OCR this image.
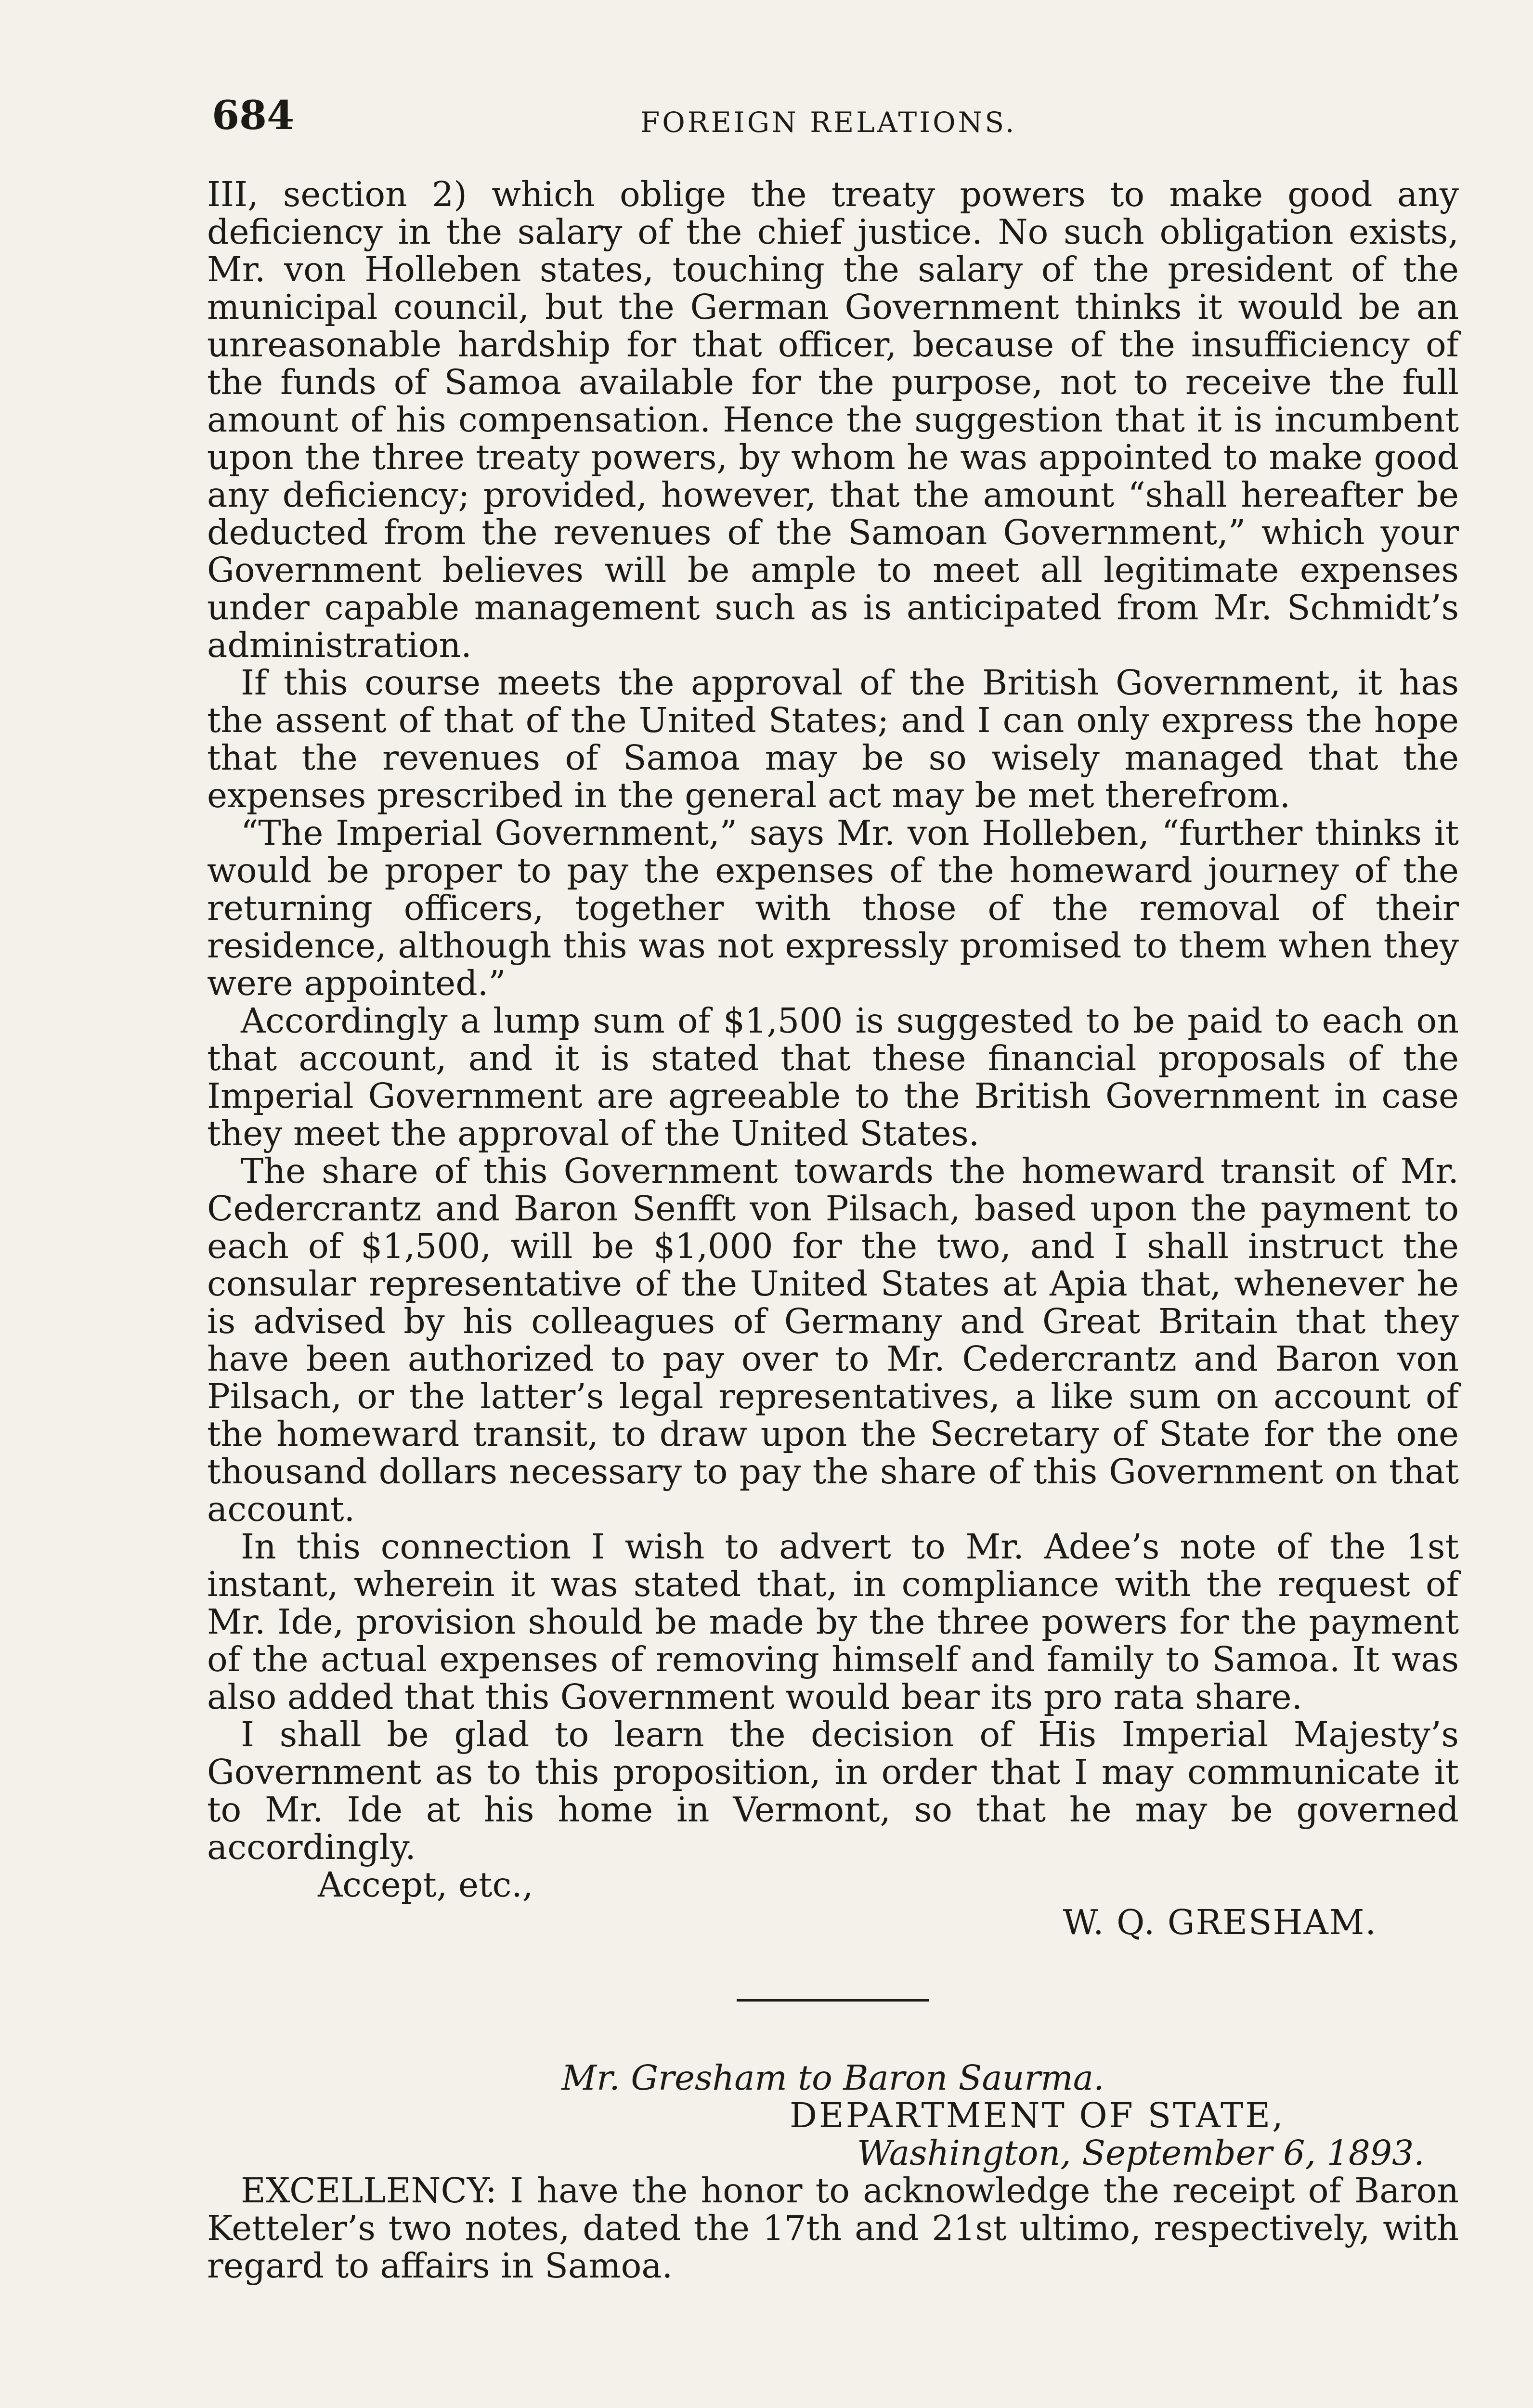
684	FOREIGN RELATIONS.

III, section 2) which oblige the treaty powers to make good any deficiency in the salary of the chief justice. No such obligation exists, Mr. von Holleben states, touching the salary of the president of the municipal council, but the German Government thinks it would be an unreasonable hardship for that officer, because of the insufficiency of the funds of Samoa available for the purpose, not to receive the full amount of his compensation. Hence the suggestion that it is incumbent upon the three treaty powers, by whom he was appointed to make good any deficiency; provided, however, that the amount “shall hereafter be deducted from the revenues of the Samoan Government,” which your Government believes will be ample to meet all legitimate expenses under capable management such as is anticipated from Mr. Schmidt’s administration.

If this course meets the approval of the British Government, it has the assent of that of the United States; and I can only express the hope that the revenues of Samoa may be so wisely managed that the expenses prescribed in the general act may be met therefrom.

“The Imperial Government,” says Mr. von Holleben, “further thinks it would be proper to pay the expenses of the homeward journey of the returning officers, together with those of the removal of their residence, although this was not expressly promised to them when they were appointed.”

Accordingly a lump sum of $1,500 is suggested to be paid to each on that account, and it is stated that these financial proposals of the Imperial Government are agreeable to the British Government in case they meet the approval of the United States.

The share of this Government towards the homeward transit of Mr. Cedercrantz and Baron Senfft von Pilsach, based upon the payment to each of $1,500, will be $1,000 for the two, and I shall instruct the consular representative of the United States at Apia that, whenever he is advised by his colleagues of Germany and Great Britain that they have been authorized to pay over to Mr. Cedercrantz and Baron von Pilsach, or the latter’s legal representatives, a like sum on account of the homeward transit, to draw upon the Secretary of State for the one thousand dollars necessary to pay the share of this Government on that account.

In this connection I wish to advert to Mr. Adee’s note of the 1st instant, wherein it was stated that, in compliance with the request of Mr. Ide, provision should be made by the three powers for the payment of the actual expenses of removing himself and family to Samoa. It was also added that this Government would bear its pro rata share.

I shall be glad to learn the decision of His Imperial Majesty’s Government as to this proposition, in order that I may communicate it to Mr. Ide at his home in Vermont, so that he may be governed accordingly.

Accept, etc.,

W. Q. GRESHAM.

Mr. Gresham to Baron Saurma.

DEPARTMENT OF STATE,
Washington, September 6, 1893.

EXCELLENCY: I have the honor to acknowledge the receipt of Baron Ketteler’s two notes, dated the 17th and 21st ultimo, respectively, with regard to affairs in Samoa.
